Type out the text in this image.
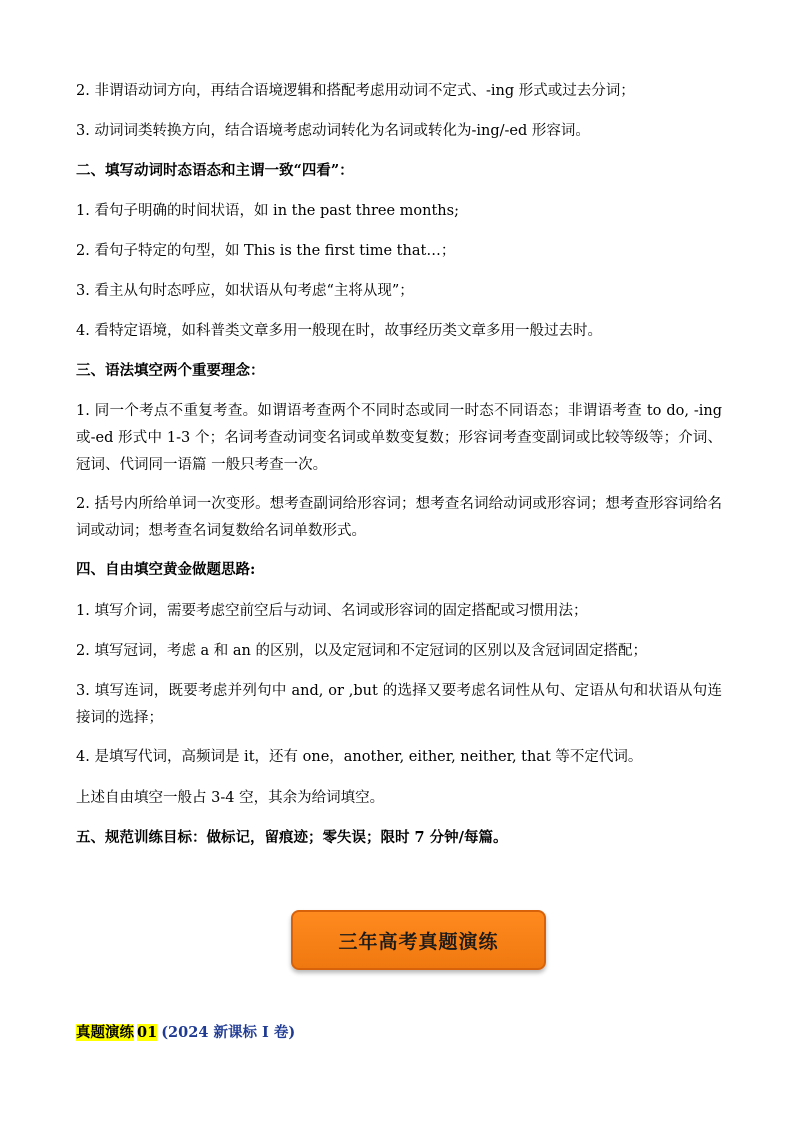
2. 非谓语动词方向，再结合语境逻辑和搭配考虑用动词不定式、-ing 形式或过去分词；
3. 动词词类转换方向，结合语境考虑动词转化为名词或转化为-ing/-ed 形容词。
二、填写动词时态语态和主谓一致“四看”：
1. 看句子明确的时间状语，如 in the past three months;
2. 看句子特定的句型，如 This is the first time that…；
3. 看主从句时态呼应，如状语从句考虑“主将从现”；
4. 看特定语境，如科普类文章多用一般现在时，故事经历类文章多用一般过去时。
三、语法填空两个重要理念：
1. 同一个考点不重复考查。如谓语考查两个不同时态或同一时态不同语态；非谓语考查 to do, -ing 或-ed 形式中 1-3 个；名词考查动词变名词或单数变复数；形容词考查变副词或比较等级等；介词、冠词、代词同一语篇 一般只考查一次。
2. 括号内所给单词一次变形。想考查副词给形容词；想考查名词给动词或形容词；想考查形容词给名词或动词；想考查名词复数给名词单数形式。
四、自由填空黄金做题思路:
1. 填写介词，需要考虑空前空后与动词、名词或形容词的固定搭配或习惯用法；
2. 填写冠词，考虑 a 和 an 的区别，以及定冠词和不定冠词的区别以及含冠词固定搭配；
3. 填写连词，既要考虑并列句中 and, or ,but 的选择又要考虑名词性从句、定语从句和状语从句连接词的选择；
4. 是填写代词，高频词是 it，还有 one，another, either, neither, that 等不定代词。
上述自由填空一般占 3-4 空，其余为给词填空。
五、规范训练目标：做标记，留痕迹；零失误；限时 7 分钟/每篇。
三年高考真题演练
真题演练 01 (2024 新课标 I 卷)
